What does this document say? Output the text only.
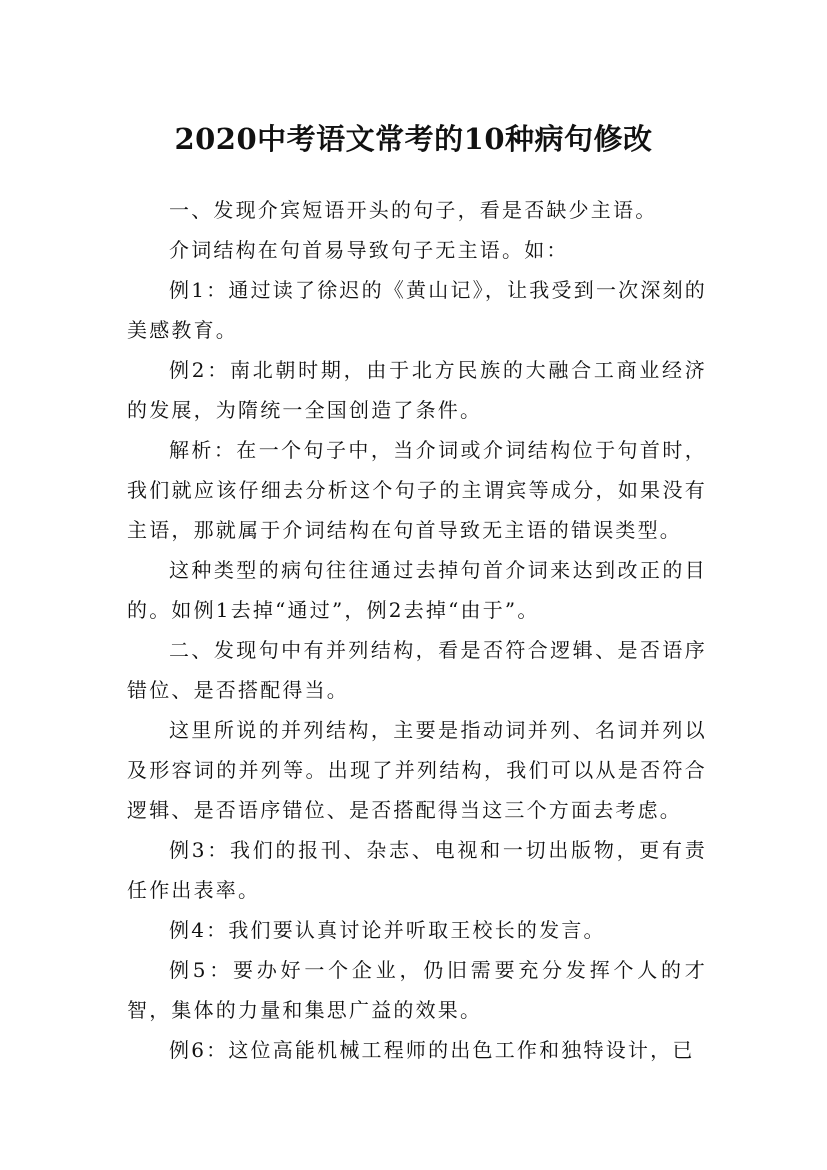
2020中考语文常考的10种病句修改

一、发现介宾短语开头的句子，看是否缺少主语。

介词结构在句首易导致句子无主语。如：

例1：通过读了徐迟的《黄山记》，让我受到一次深刻的美感教育。

例2：南北朝时期，由于北方民族的大融合工商业经济的发展，为隋统一全国创造了条件。

解析：在一个句子中，当介词或介词结构位于句首时，我们就应该仔细去分析这个句子的主谓宾等成分，如果没有主语，那就属于介词结构在句首导致无主语的错误类型。

这种类型的病句往往通过去掉句首介词来达到改正的目的。如例1去掉“通过”，例2去掉“由于”。

二、发现句中有并列结构，看是否符合逻辑、是否语序错位、是否搭配得当。

这里所说的并列结构，主要是指动词并列、名词并列以及形容词的并列等。出现了并列结构，我们可以从是否符合逻辑、是否语序错位、是否搭配得当这三个方面去考虑。

例3：我们的报刊、杂志、电视和一切出版物，更有责任作出表率。

例4：我们要认真讨论并听取王校长的发言。

例5：要办好一个企业，仍旧需要充分发挥个人的才智，集体的力量和集思广益的效果。

例6：这位高能机械工程师的出色工作和独特设计，已
